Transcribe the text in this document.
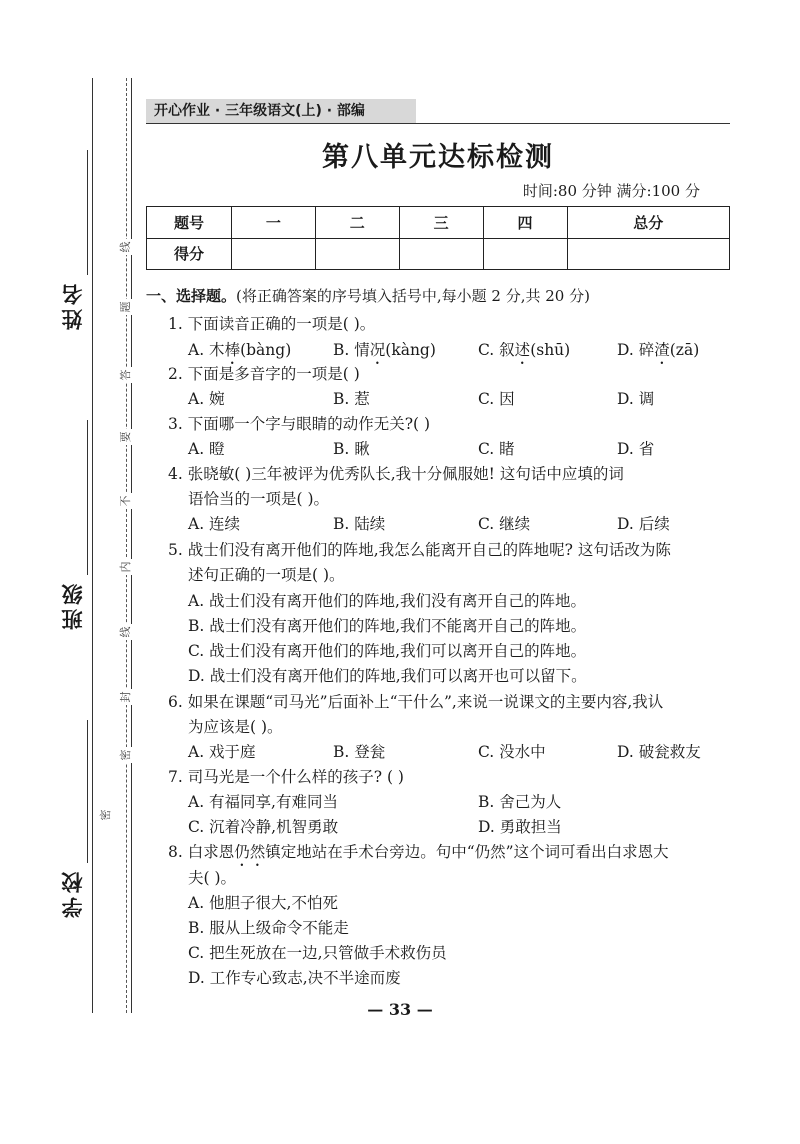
姓名
班级
学校
线
题
答
要
不
内
线
封
密
密
开心作业 · 三年级语文(上) · 部编
第八单元达标检测
时间:80 分钟 满分:100 分
题号	一	二	三	四	总分
得分					
一、选择题。(将正确答案的序号填入括号中,每小题 2 分,共 20 分)
1. 下面读音正确的一项是( )。
A. 木棒(bàng)	B. 情况(kàng)	C. 叙述(shū)	D. 碎渣(zā)
2. 下面是多音字的一项是( )
A. 婉	B. 惹	C. 因	D. 调
3. 下面哪一个字与眼睛的动作无关?( )
A. 瞪	B. 瞅	C. 睹	D. 省
4. 张晓敏( )三年被评为优秀队长,我十分佩服她! 这句话中应填的词
语恰当的一项是( )。
A. 连续	B. 陆续	C. 继续	D. 后续
5. 战士们没有离开他们的阵地,我怎么能离开自己的阵地呢? 这句话改为陈
述句正确的一项是( )。
A. 战士们没有离开他们的阵地,我们没有离开自己的阵地。
B. 战士们没有离开他们的阵地,我们不能离开自己的阵地。
C. 战士们没有离开他们的阵地,我们可以离开自己的阵地。
D. 战士们没有离开他们的阵地,我们可以离开也可以留下。
6. 如果在课题“司马光”后面补上“干什么”,来说一说课文的主要内容,我认
为应该是( )。
A. 戏于庭	B. 登瓮	C. 没水中	D. 破瓮救友
7. 司马光是一个什么样的孩子? ( )
A. 有福同享,有难同当	B. 舍己为人
C. 沉着冷静,机智勇敢	D. 勇敢担当
8. 白求恩仍然镇定地站在手术台旁边。句中“仍然”这个词可看出白求恩大
夫( )。
A. 他胆子很大,不怕死
B. 服从上级命令不能走
C. 把生死放在一边,只管做手术救伤员
D. 工作专心致志,决不半途而废
— 33 —
